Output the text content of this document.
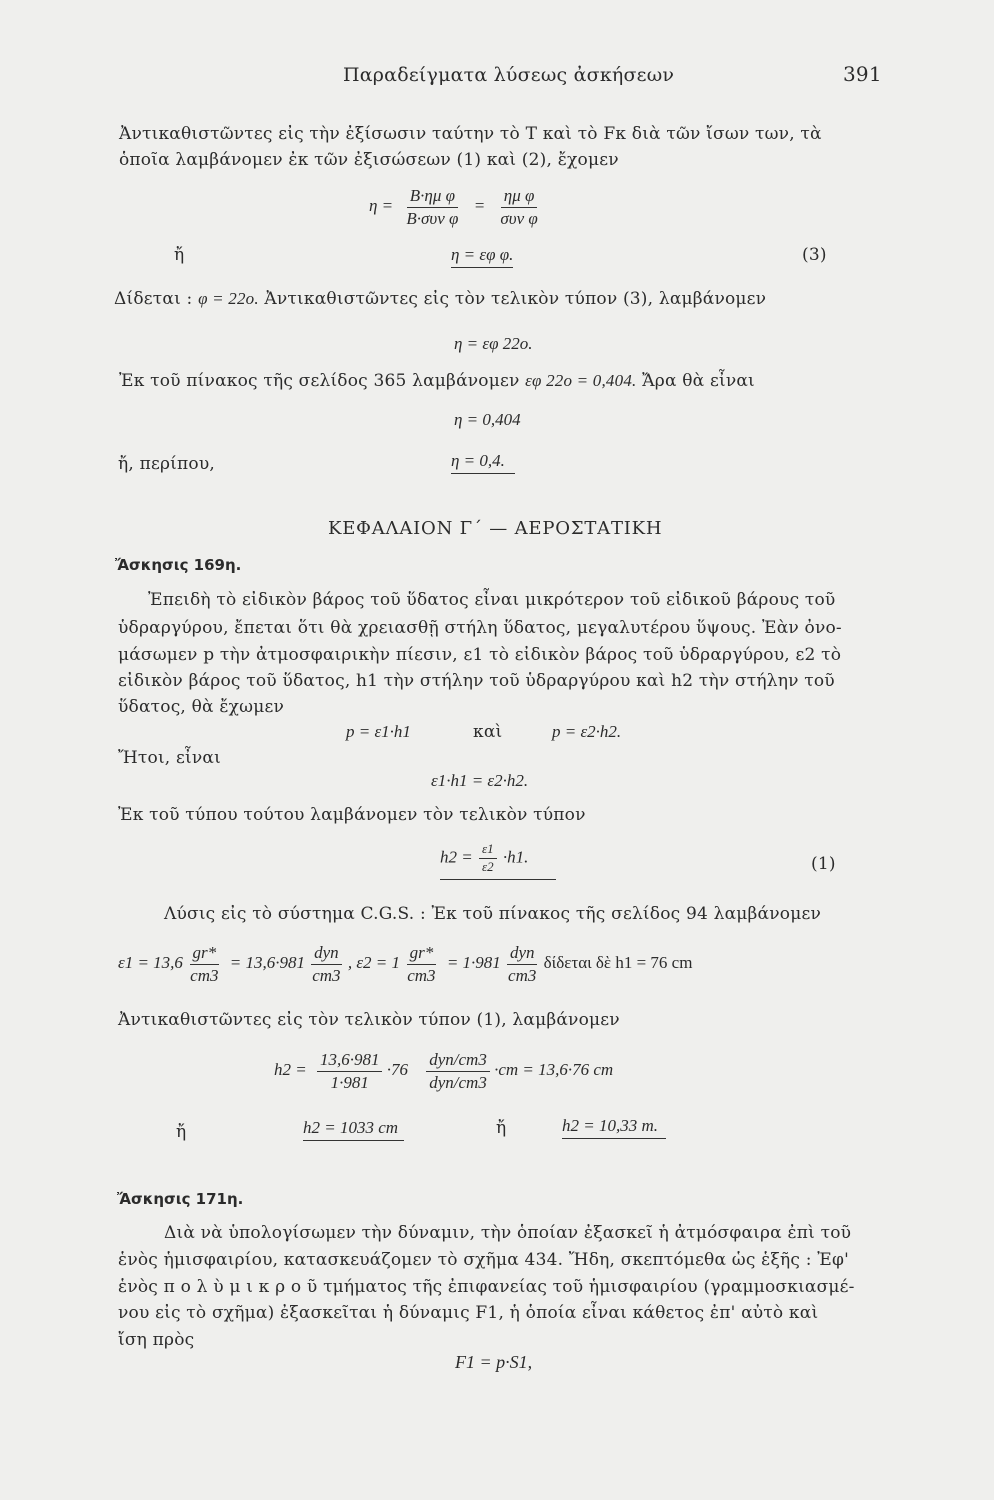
Παραδείγματα λύσεως ἀσκήσεων	391
Ἀντικαθιστῶντες εἰς τὴν ἐξίσωσιν ταύτην τὸ Τ καὶ τὸ Fκ διὰ τῶν ἴσων των, τὰ
ὁποῖα λαμβάνομεν ἐκ τῶν ἐξισώσεων (1) καὶ (2), ἔχομεν
$\eta = \frac{\text{Β·ημ φ}}{\text{Β·συν φ}} = \frac{\text{ημ φ}}{\text{συν φ}}$
ἤ	η = εφ φ.	(3)
Δίδεται : φ = 22ο. Ἀντικαθιστῶντες εἰς τὸν τελικὸν τύπον (3), λαμβάνομεν
η = εφ 22ο.
Ἐκ τοῦ πίνακος τῆς σελίδος 365 λαμβάνομεν εφ 22ο = 0,404. Ἄρα θὰ εἶναι
η = 0,404
ἤ, περίπου,	η = 0,4.
ΚΕΦΑΛΑΙΟΝ Γ΄ — ΑΕΡΟΣΤΑΤΙΚΗ
Ἄσκησις 169η.
Ἐπειδὴ τὸ εἰδικὸν βάρος τοῦ ὕδατος εἶναι μικρότερον τοῦ εἰδικοῦ βάρους τοῦ
ὑδραργύρου, ἔπεται ὅτι θὰ χρειασθῇ στήλη ὕδατος, μεγαλυτέρου ὕψους. Ἐὰν ὀνο-
μάσωμεν p τὴν ἀτμοσφαιρικὴν πίεσιν, ε1 τὸ εἰδικὸν βάρος τοῦ ὑδραργύρου, ε2 τὸ
εἰδικὸν βάρος τοῦ ὕδατος, h1 τὴν στήλην τοῦ ὑδραργύρου καὶ h2 τὴν στήλην τοῦ
ὕδατος, θὰ ἔχωμεν
p = ε1·h1	καὶ	p = ε2·h2.
Ἤτοι, εἶναι
ε1·h1 = ε2·h2.
Ἐκ τοῦ τύπου τούτου λαμβάνομεν τὸν τελικὸν τύπον
$h2 = \frac{\varepsilon 1}{\varepsilon 2} \cdot h1$.	(1)
Λύσις εἰς τὸ σύστημα C.G.S. : Ἐκ τοῦ πίνακος τῆς σελίδος 94 λαμβάνομεν
$\varepsilon 1 = 13,6 \frac{gr*}{cm3} = 13,6\cdot 981 \frac{\text{dyn}}{cm3}$ , $\varepsilon 2 = 1 \frac{gr*}{cm3} = 1\cdot 981 \frac{\text{dyn}}{cm3}$ δίδεται δὲ h1 = 76 cm
Ἀντικαθιστῶντες εἰς τὸν τελικὸν τύπον (1), λαμβάνομεν
$h2 = \frac{13,6\cdot 981}{1\cdot 981} \cdot 76 \frac{\text{dyn/cm3}}{\text{dyn/cm3}} \cdot cm = 13,6\cdot 76$ cm
ἤ	h2 = 1033 cm	ἤ	h2 = 10,33 m.
Ἄσκησις 171η.
Διὰ νὰ ὑπολογίσωμεν τὴν δύναμιν, τὴν ὁποίαν ἐξασκεῖ ἡ ἀτμόσφαιρα ἐπὶ τοῦ
ἑνὸς ἡμισφαιρίου, κατασκευάζομεν τὸ σχῆμα 434. Ἤδη, σκεπτόμεθα ὡς ἑξῆς : Ἐφ'
ἑνὸς π ο λ ὺ μ ι κ ρ ο ῦ τμήματος τῆς ἐπιφανείας τοῦ ἡμισφαιρίου (γραμμοσκιασμέ-
νου εἰς τὸ σχῆμα) ἐξασκεῖται ἡ δύναμις F1, ἡ ὁποία εἶναι κάθετος ἐπ' αὐτὸ καὶ
ἴση πρὸς
F1 = p·S1,
